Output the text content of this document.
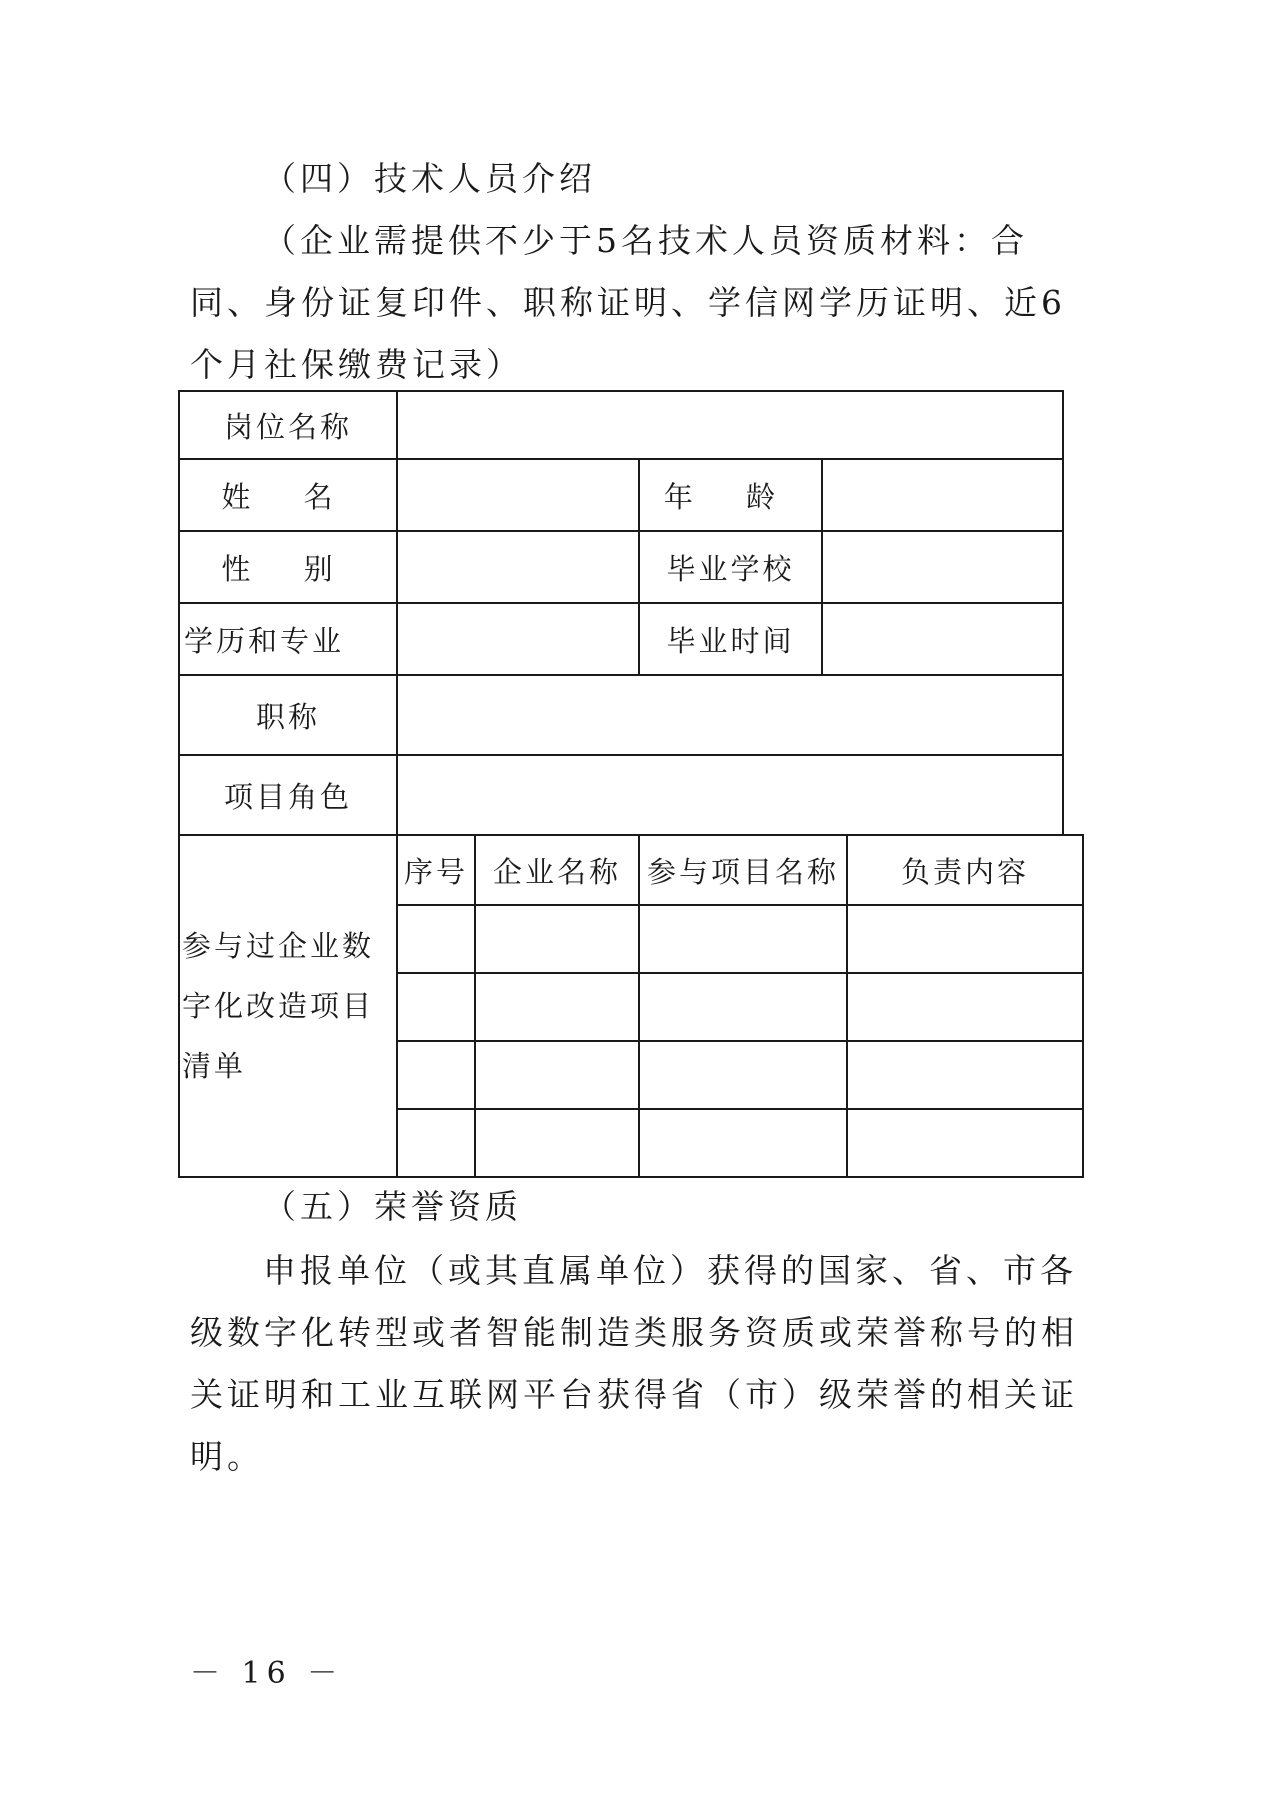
（四）技术人员介绍

（企业需提供不少于5名技术人员资质材料：合同、身份证复印件、职称证明、学信网学历证明、近6个月社保缴费记录）

岗位名称					
姓 名			年 龄		
性 别			毕业学校		
学历和专业			毕业时间		
职称					
项目角色					
参与过企业数字化改造项目清单	序号	企业名称	参与项目名称		负责内容

（五）荣誉资质

申报单位（或其直属单位）获得的国家、省、市各级数字化转型或者智能制造类服务资质或荣誉称号的相关证明和工业互联网平台获得省（市）级荣誉的相关证明。

－ 16 －
